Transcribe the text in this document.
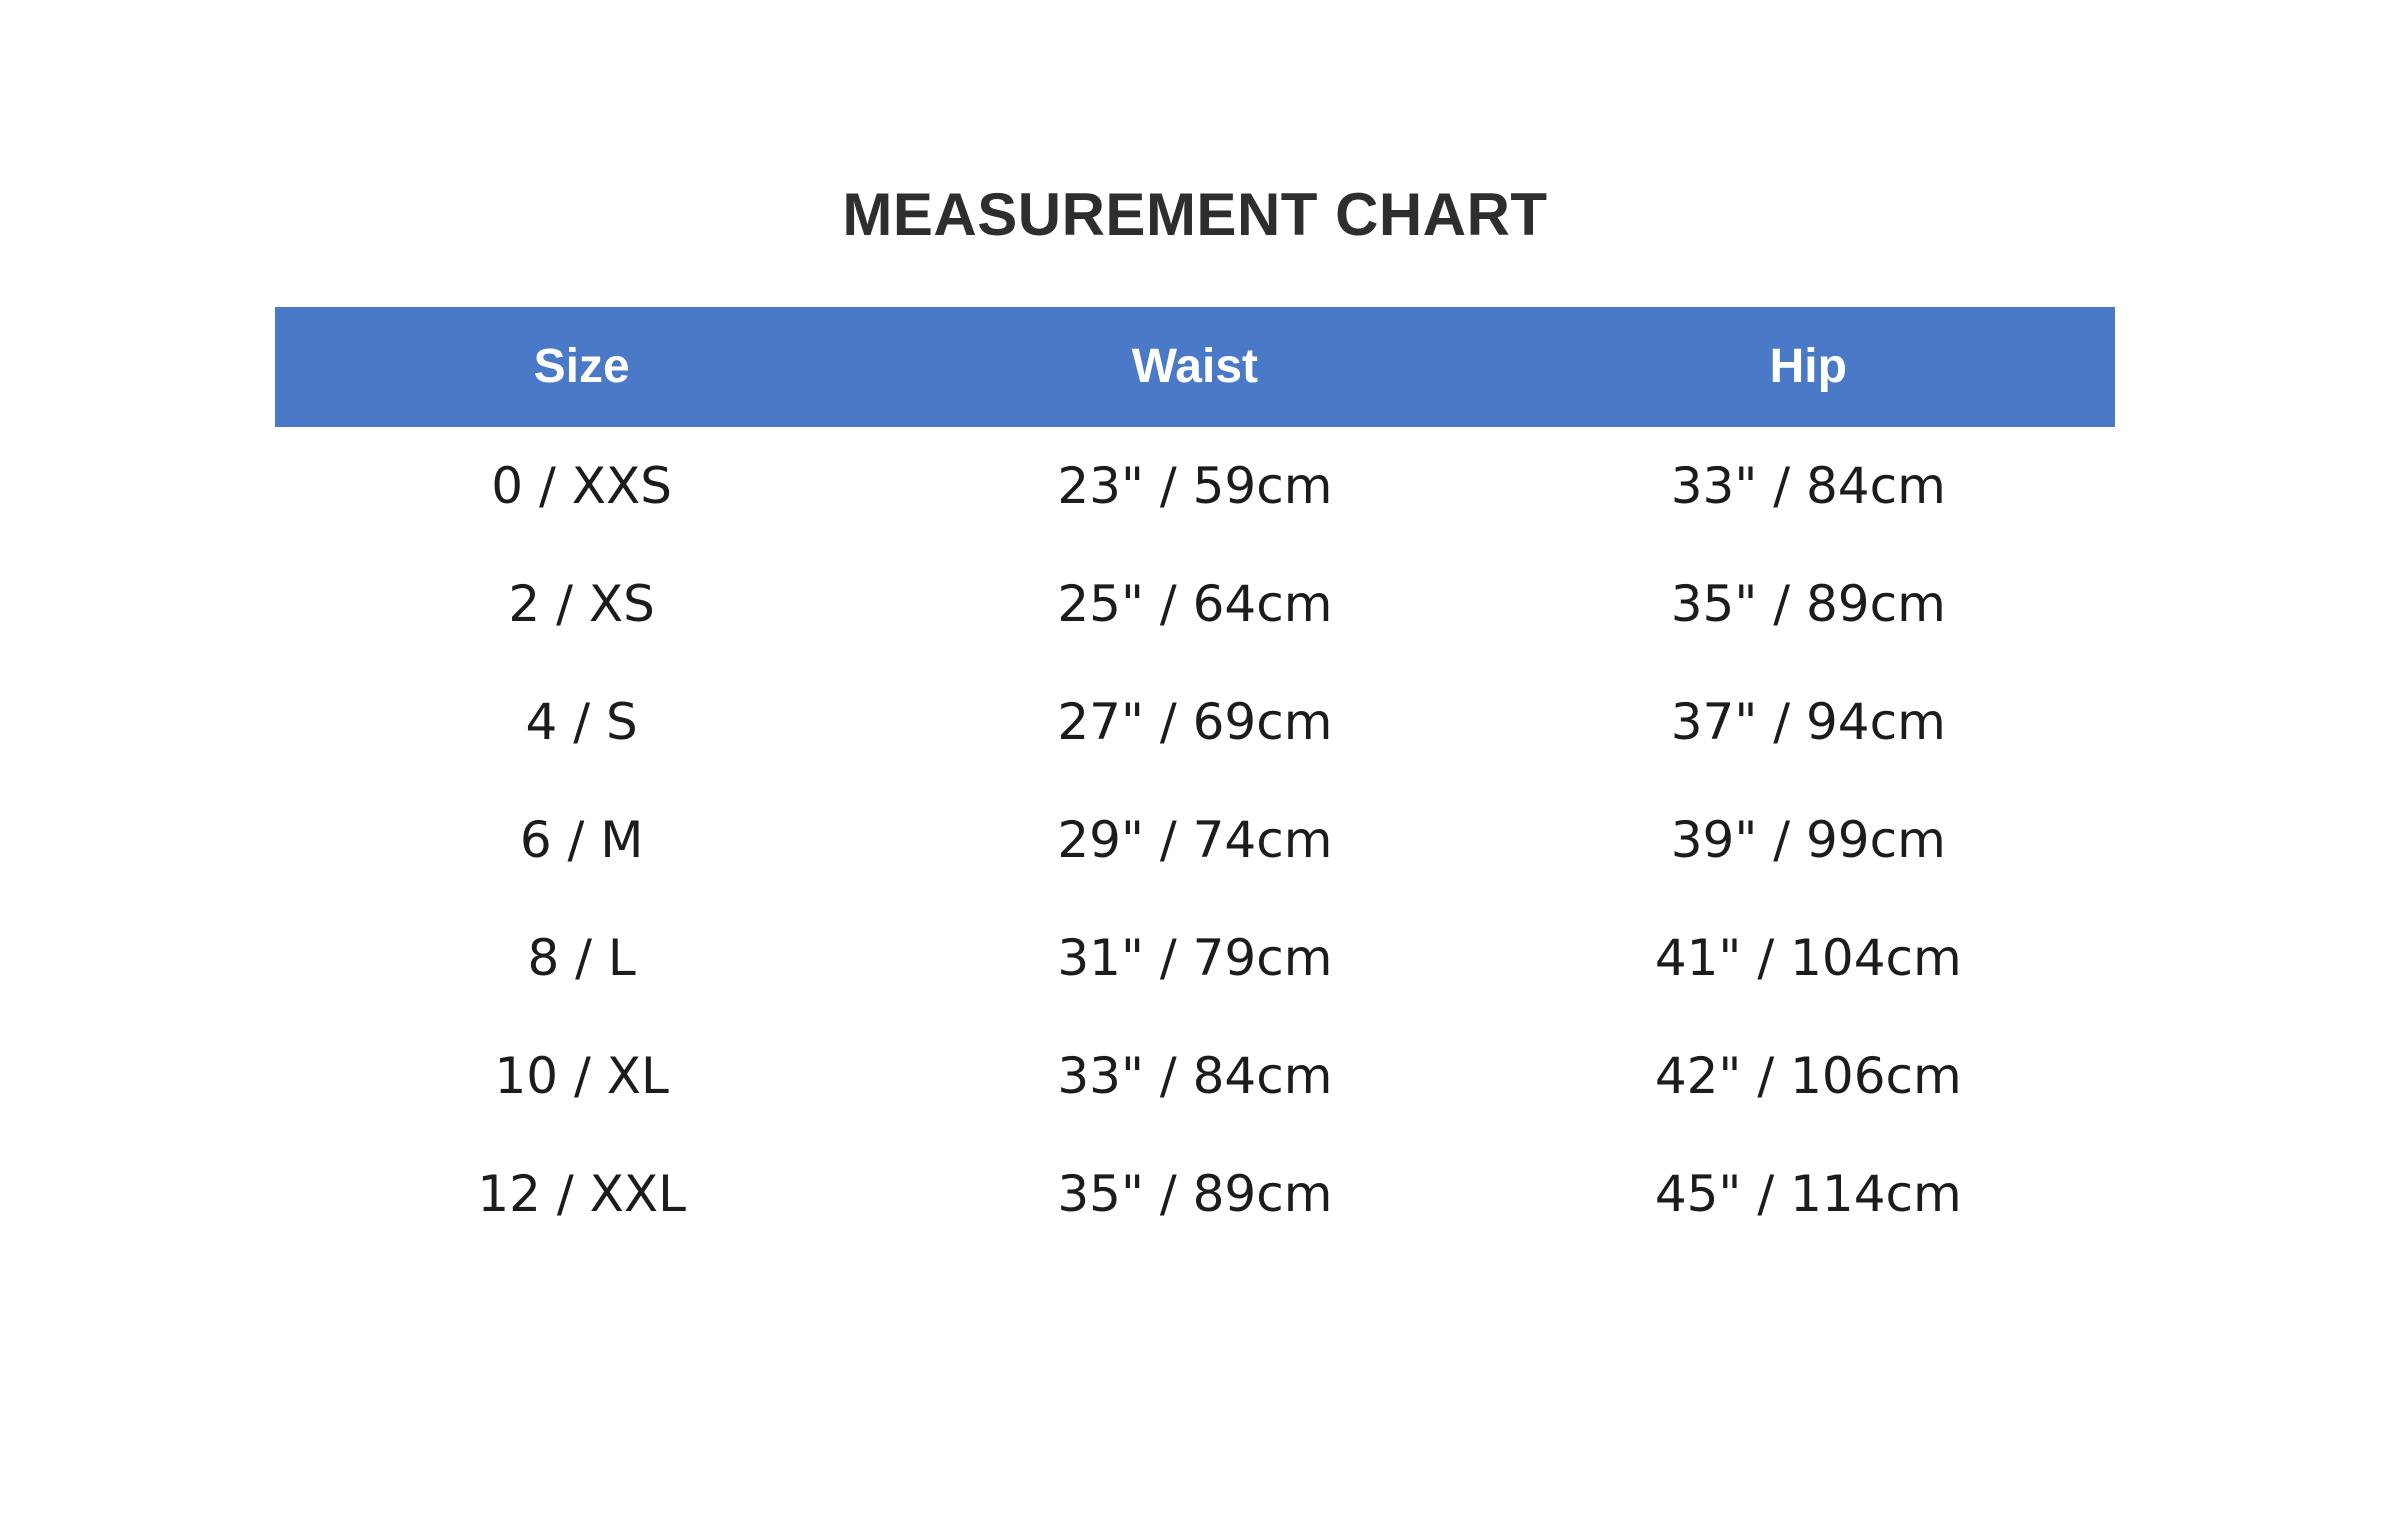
MEASUREMENT CHART
Size	Waist	Hip
0 / XXS	23" / 59cm	33" / 84cm
2 / XS	25" / 64cm	35" / 89cm
4 / S	27" / 69cm	37" / 94cm
6 / M	29" / 74cm	39" / 99cm
8 / L	31" / 79cm	41" / 104cm
10 / XL	33" / 84cm	42" / 106cm
12 / XXL	35" / 89cm	45" / 114cm
